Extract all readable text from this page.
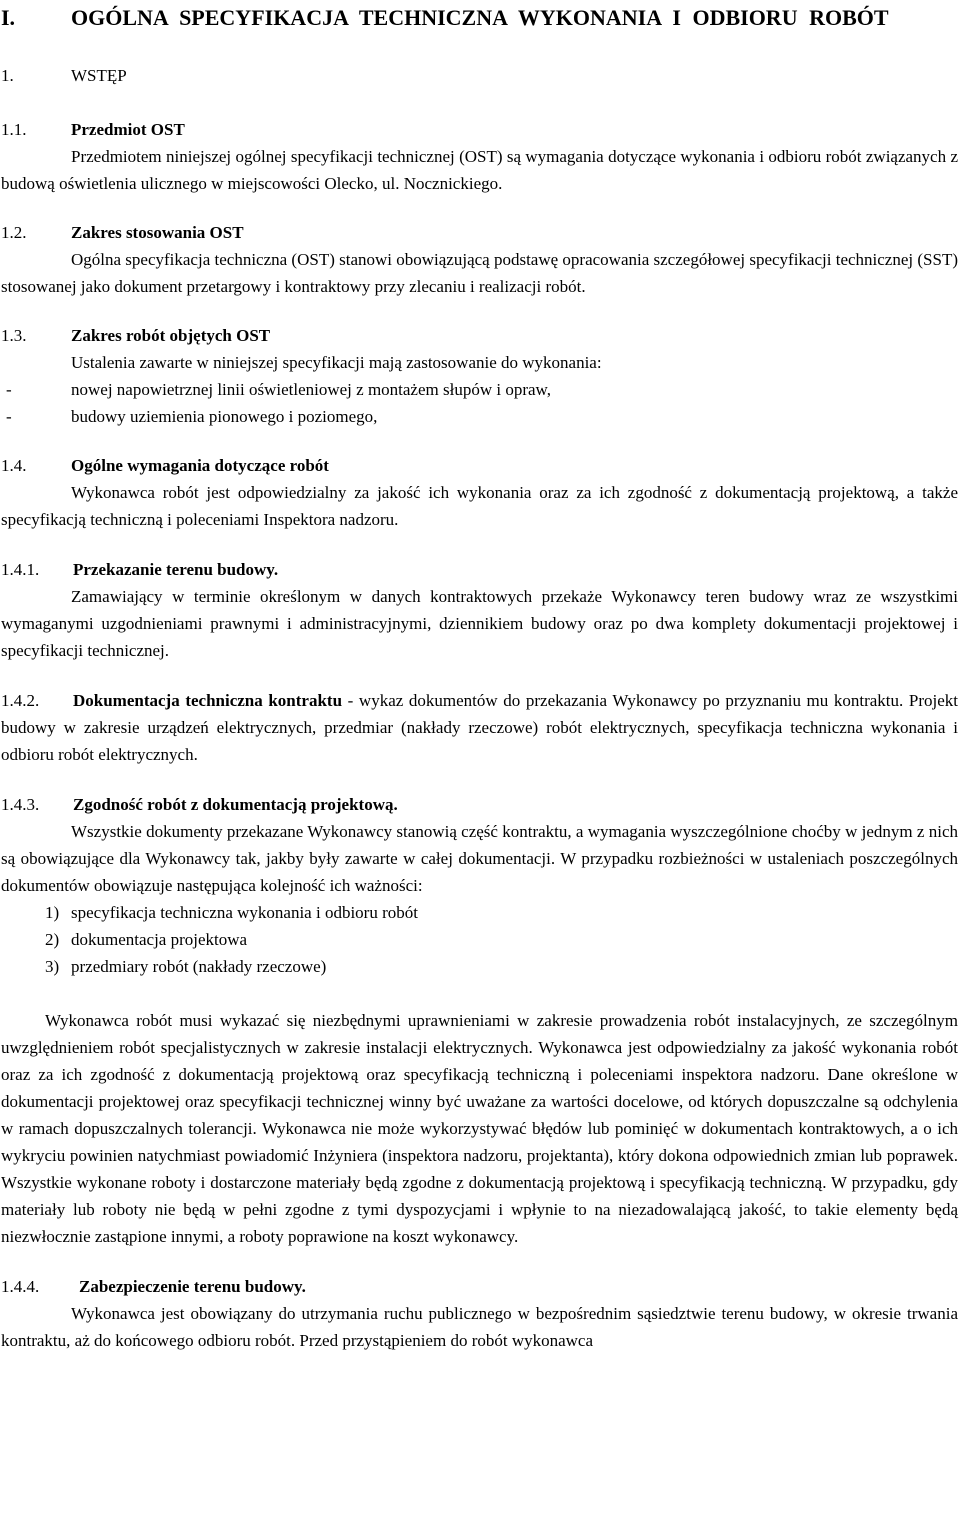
I.	OGÓLNA SPECYFIKACJA TECHNICZNA WYKONANIA I ODBIORU ROBÓT
1.	WSTĘP
1.1.	Przedmiot OST

Przedmiotem niniejszej ogólnej specyfikacji technicznej (OST) są wymagania dotyczące wykonania i odbioru robót związanych z budową oświetlenia ulicznego w miejscowości Olecko, ul. Nocznickiego.

1.2.	Zakres stosowania OST

Ogólna specyfikacja techniczna (OST) stanowi obowiązującą podstawę opracowania szczegółowej specyfikacji technicznej (SST) stosowanej jako dokument przetargowy i kontraktowy przy zlecaniu i realizacji robót.

1.3.	Zakres robót objętych OST

Ustalenia zawarte w niniejszej specyfikacji mają zastosowanie do wykonania:

-	nowej napowietrznej linii oświetleniowej z montażem słupów i opraw,
-	budowy uziemienia pionowego i poziomego,
1.4.	Ogólne wymagania dotyczące robót

Wykonawca robót jest odpowiedzialny za jakość ich wykonania oraz za ich zgodność z dokumentacją projektową, a także specyfikacją techniczną i poleceniami Inspektora nadzoru.

1.4.1.	Przekazanie terenu budowy.

Zamawiający w terminie określonym w danych kontraktowych przekaże Wykonawcy teren budowy wraz ze wszystkimi wymaganymi uzgodnieniami prawnymi i administracyjnymi, dziennikiem budowy oraz po dwa komplety dokumentacji projektowej i specyfikacji technicznej.

1.4.2. Dokumentacja techniczna kontraktu - wykaz dokumentów do przekazania Wykonawcy po przyznaniu mu kontraktu. Projekt budowy w zakresie urządzeń elektrycznych, przedmiar (nakłady rzeczowe) robót elektrycznych, specyfikacja techniczna wykonania i odbioru robót elektrycznych.

1.4.3.	Zgodność robót z dokumentacją projektową.

Wszystkie dokumenty przekazane Wykonawcy stanowią część kontraktu, a wymagania wyszczególnione choćby w jednym z nich są obowiązujące dla Wykonawcy tak, jakby były zawarte w całej dokumentacji. W przypadku rozbieżności w ustaleniach poszczególnych dokumentów obowiązuje następująca kolejność ich ważności:

1) specyfikacja techniczna wykonania i odbioru robót
2) dokumentacja projektowa
3) przedmiary robót (nakłady rzeczowe)

Wykonawca robót musi wykazać się niezbędnymi uprawnieniami w zakresie prowadzenia robót instalacyjnych, ze szczególnym uwzględnieniem robót specjalistycznych w zakresie instalacji elektrycznych. Wykonawca jest odpowiedzialny za jakość wykonania robót oraz za ich zgodność z dokumentacją projektową oraz specyfikacją techniczną i poleceniami inspektora nadzoru. Dane określone w dokumentacji projektowej oraz specyfikacji technicznej winny być uważane za wartości docelowe, od których dopuszczalne są odchylenia w ramach dopuszczalnych tolerancji. Wykonawca nie może wykorzystywać błędów lub pominięć w dokumentach kontraktowych, a o ich wykryciu powinien natychmiast powiadomić Inżyniera (inspektora nadzoru, projektanta), który dokona odpowiednich zmian lub poprawek. Wszystkie wykonane roboty i dostarczone materiały będą zgodne z dokumentacją projektową i specyfikacją techniczną. W przypadku, gdy materiały lub roboty nie będą w pełni zgodne z tymi dyspozycjami i wpłynie to na niezadowalającą jakość, to takie elementy będą niezwłocznie zastąpione innymi, a roboty poprawione na koszt wykonawcy.

1.4.4.	Zabezpieczenie terenu budowy.

Wykonawca jest obowiązany do utrzymania ruchu publicznego w bezpośrednim sąsiedztwie terenu budowy, w okresie trwania kontraktu, aż do końcowego odbioru robót. Przed przystąpieniem do robót wykonawca
